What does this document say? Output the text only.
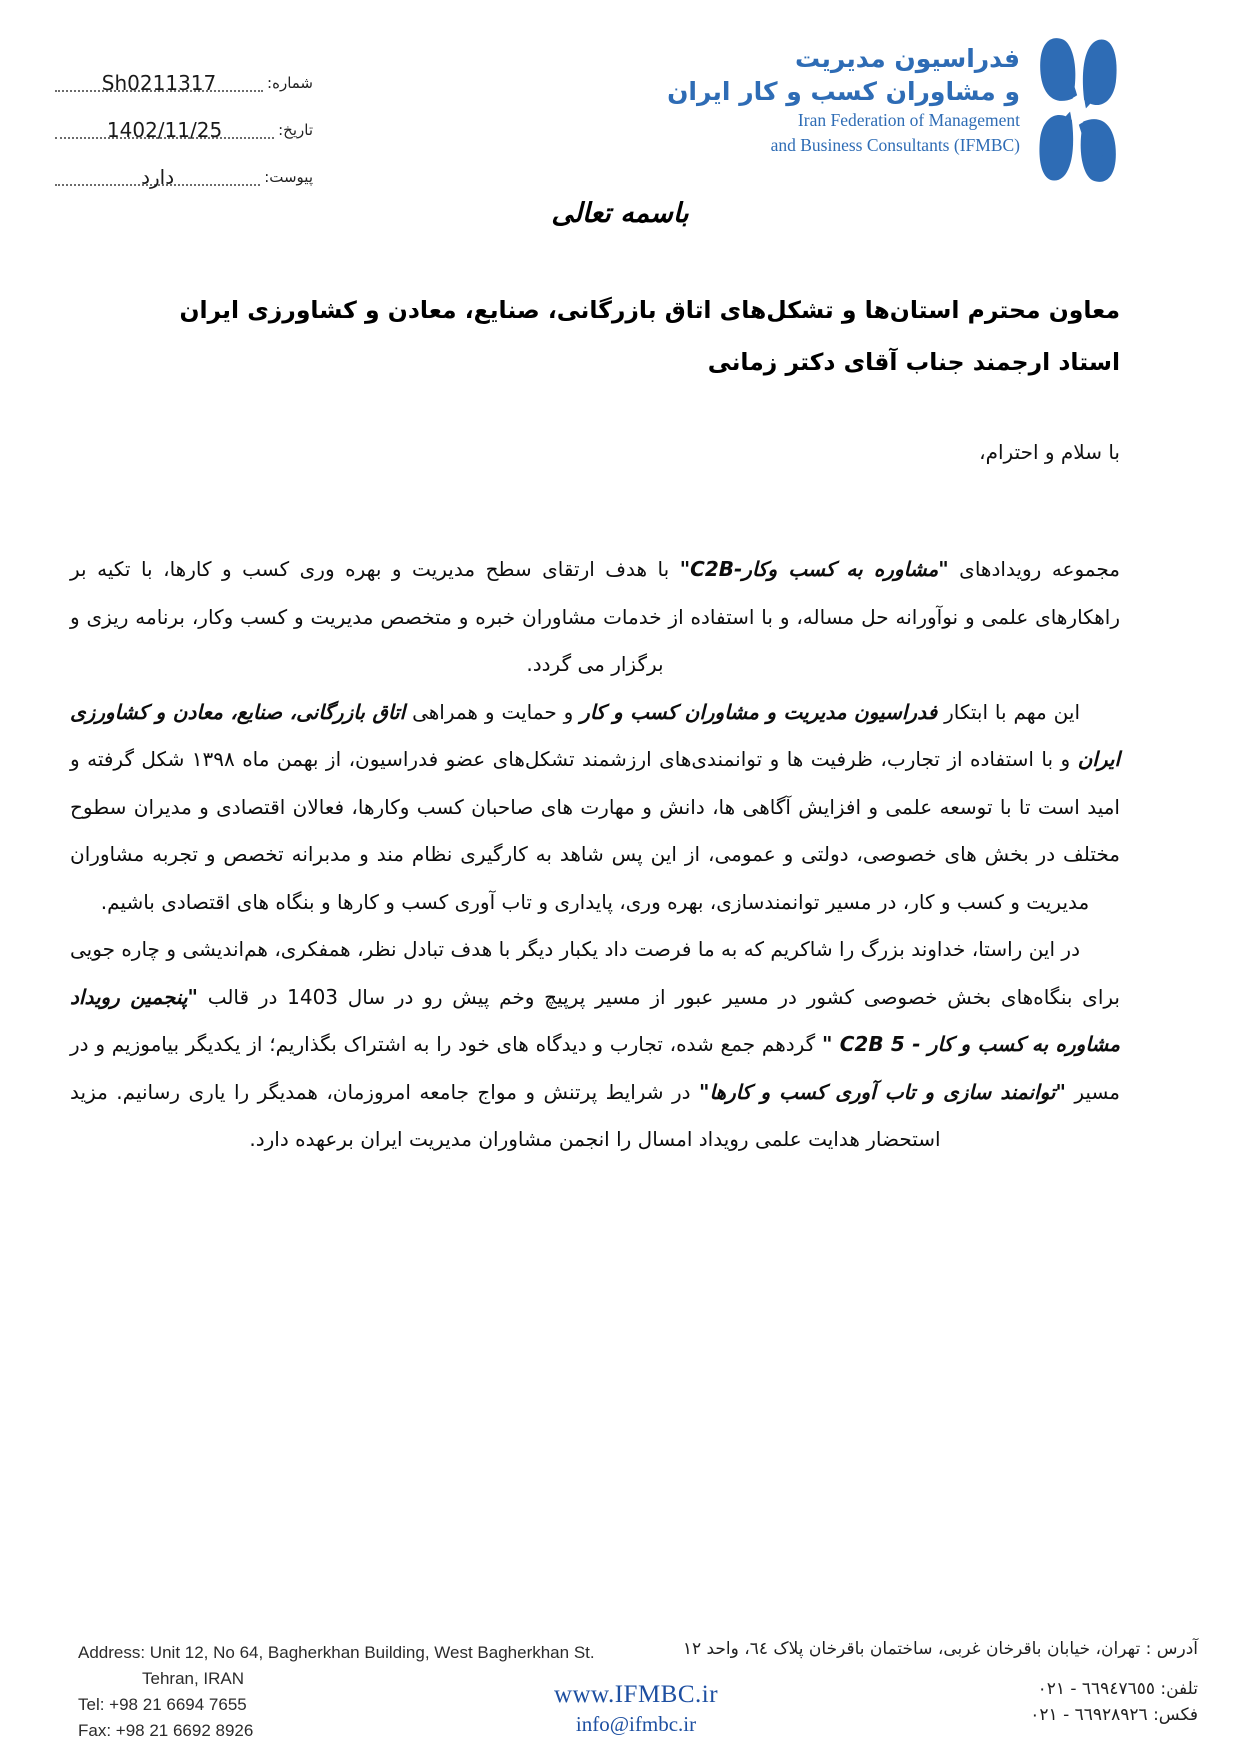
شماره:
Sh0211317
تاریخ:
1402/11/25
پیوست:
دارد
فدراسیون مدیریت
و مشاوران کسب و کار ایران
Iran Federation of Management
and Business Consultants (IFMBC)
باسمه تعالی
معاون محترم استان‌ها و تشکل‌های اتاق بازرگانی، صنایع، معادن و کشاورزی ایران
استاد ارجمند جناب آقای دکتر زمانی
با سلام و احترام،

مجموعه رویدادهای "مشاوره به کسب وکار-C2B" با هدف ارتقای سطح مدیریت و بهره وری کسب و کارها، با تکیه بر راهکارهای علمی و نوآورانه حل مساله، و با استفاده از خدمات مشاوران خبره و متخصص مدیریت و کسب وکار، برنامه ریزی و برگزار می گردد.

این مهم با ابتکار فدراسیون مدیریت و مشاوران کسب و کار و حمایت و همراهی اتاق بازرگانی، صنایع، معادن و کشاورزی ایران و با استفاده از تجارب، ظرفیت ها و توانمندی‌های ارزشمند تشکل‌های عضو فدراسیون، از بهمن ماه ۱۳۹۸ شکل گرفته و امید است تا با توسعه علمی و افزایش آگاهی ها، دانش و مهارت های صاحبان کسب وکارها، فعالان اقتصادی و مدیران سطوح مختلف در بخش های خصوصی، دولتی و عمومی، از این پس شاهد به کارگیری نظام مند و مدبرانه تخصص و تجربه مشاوران مدیریت و کسب و کار، در مسیر توانمندسازی، بهره وری، پایداری و تاب آوری کسب و کارها و بنگاه های اقتصادی باشیم.

در این راستا، خداوند بزرگ را شاکریم که به ما فرصت داد یکبار دیگر با هدف تبادل نظر، همفکری، هم‌اندیشی و چاره جویی برای بنگاه‌های بخش خصوصی کشور در مسیر عبور از مسیر پرپیچ وخم پیش رو در سال 1403 در قالب "پنجمین رویداد مشاوره به کسب و کار - C2B 5 " گردهم جمع شده، تجارب و دیدگاه های خود را به اشتراک بگذاریم؛ از یکدیگر بیاموزیم و در مسیر "توانمند سازی و تاب آوری کسب و کارها" در شرایط پرتنش و مواج جامعه امروزمان، همدیگر را یاری رسانیم. مزید استحضار هدایت علمی رویداد امسال را انجمن مشاوران مدیریت ایران برعهده دارد.

Address: Unit 12, No 64, Bagherkhan Building, West Bagherkhan St.
Tehran, IRAN
Tel: +98 21 6694 7655
Fax: +98 21 6692 8926
www.IFMBC.ir
info@ifmbc.ir
آدرس : تهران، خیابان باقرخان غربی، ساختمان باقرخان پلاک ٦٤، واحد ١٢
تلفن: ٦٦٩٤٧٦٥٥ - ٠٢١
فکس: ٦٦٩٢٨٩٢٦ - ٠٢١
